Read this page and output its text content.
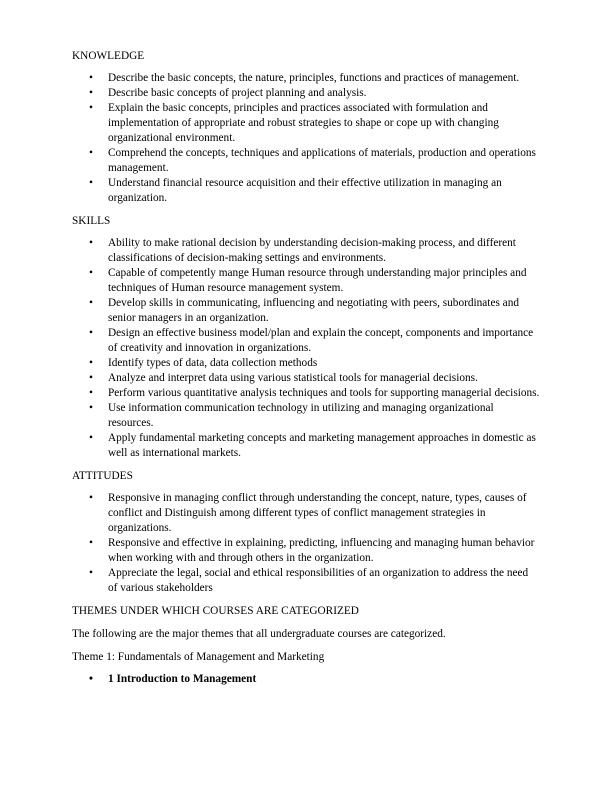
KNOWLEDGE

• Describe the basic concepts, the nature, principles, functions and practices of management.
• Describe basic concepts of project planning and analysis.
• Explain the basic concepts, principles and practices associated with formulation and implementation of appropriate and robust strategies to shape or cope up with changing organizational environment.
• Comprehend the concepts, techniques and applications of materials, production and operations management.
• Understand financial resource acquisition and their effective utilization in managing an organization.

SKILLS

• Ability to make rational decision by understanding decision-making process, and different classifications of decision-making settings and environments.
• Capable of competently mange Human resource through understanding major principles and techniques of Human resource management system.
• Develop skills in communicating, influencing and negotiating with peers, subordinates and senior managers in an organization.
• Design an effective business model/plan and explain the concept, components and importance of creativity and innovation in organizations.
• Identify types of data, data collection methods
• Analyze and interpret data using various statistical tools for managerial decisions.
• Perform various quantitative analysis techniques and tools for supporting managerial decisions.
• Use information communication technology in utilizing and managing organizational resources.
• Apply fundamental marketing concepts and marketing management approaches in domestic as well as international markets.

ATTITUDES

• Responsive in managing conflict through understanding the concept, nature, types, causes of conflict and Distinguish among different types of conflict management strategies in organizations.
• Responsive and effective in explaining, predicting, influencing and managing human behavior when working with and through others in the organization.
• Appreciate the legal, social and ethical responsibilities of an organization to address the need of various stakeholders

THEMES UNDER WHICH COURSES ARE CATEGORIZED

The following are the major themes that all undergraduate courses are categorized.

Theme 1: Fundamentals of Management and Marketing

• 1 Introduction to Management
